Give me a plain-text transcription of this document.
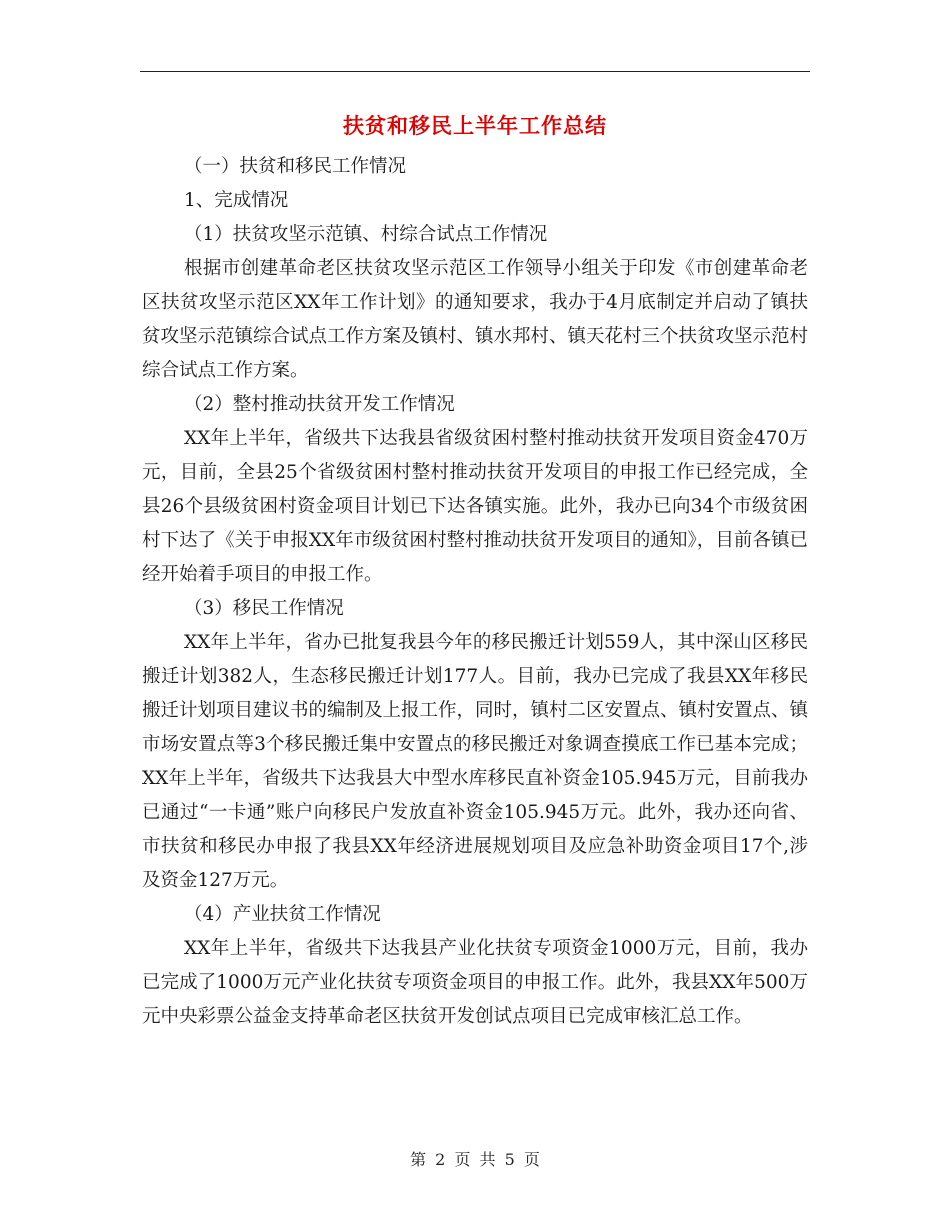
扶贫和移民上半年工作总结

（一）扶贫和移民工作情况

1、完成情况

（1）扶贫攻坚示范镇、村综合试点工作情况

根据市创建革命老区扶贫攻坚示范区工作领导小组关于印发《市创建革命老区扶贫攻坚示范区XX年工作计划》的通知要求，我办于4月底制定并启动了镇扶贫攻坚示范镇综合试点工作方案及镇村、镇水邦村、镇天花村三个扶贫攻坚示范村综合试点工作方案。

（2）整村推动扶贫开发工作情况

XX年上半年，省级共下达我县省级贫困村整村推动扶贫开发项目资金470万元，目前，全县25个省级贫困村整村推动扶贫开发项目的申报工作已经完成，全县26个县级贫困村资金项目计划已下达各镇实施。此外，我办已向34个市级贫困村下达了《关于申报XX年市级贫困村整村推动扶贫开发项目的通知》，目前各镇已经开始着手项目的申报工作。

（3）移民工作情况

XX年上半年，省办已批复我县今年的移民搬迁计划559人，其中深山区移民搬迁计划382人，生态移民搬迁计划177人。目前，我办已完成了我县XX年移民搬迁计划项目建议书的编制及上报工作，同时，镇村二区安置点、镇村安置点、镇市场安置点等3个移民搬迁集中安置点的移民搬迁对象调查摸底工作已基本完成；XX年上半年，省级共下达我县大中型水库移民直补资金105.945万元，目前我办已通过“一卡通”账户向移民户发放直补资金105.945万元。此外，我办还向省、市扶贫和移民办申报了我县XX年经济进展规划项目及应急补助资金项目17个,涉及资金127万元。

（4）产业扶贫工作情况

XX年上半年，省级共下达我县产业化扶贫专项资金1000万元，目前，我办已完成了1000万元产业化扶贫专项资金项目的申报工作。此外，我县XX年500万元中央彩票公益金支持革命老区扶贫开发创试点项目已完成审核汇总工作。

第 2 页 共 5 页
